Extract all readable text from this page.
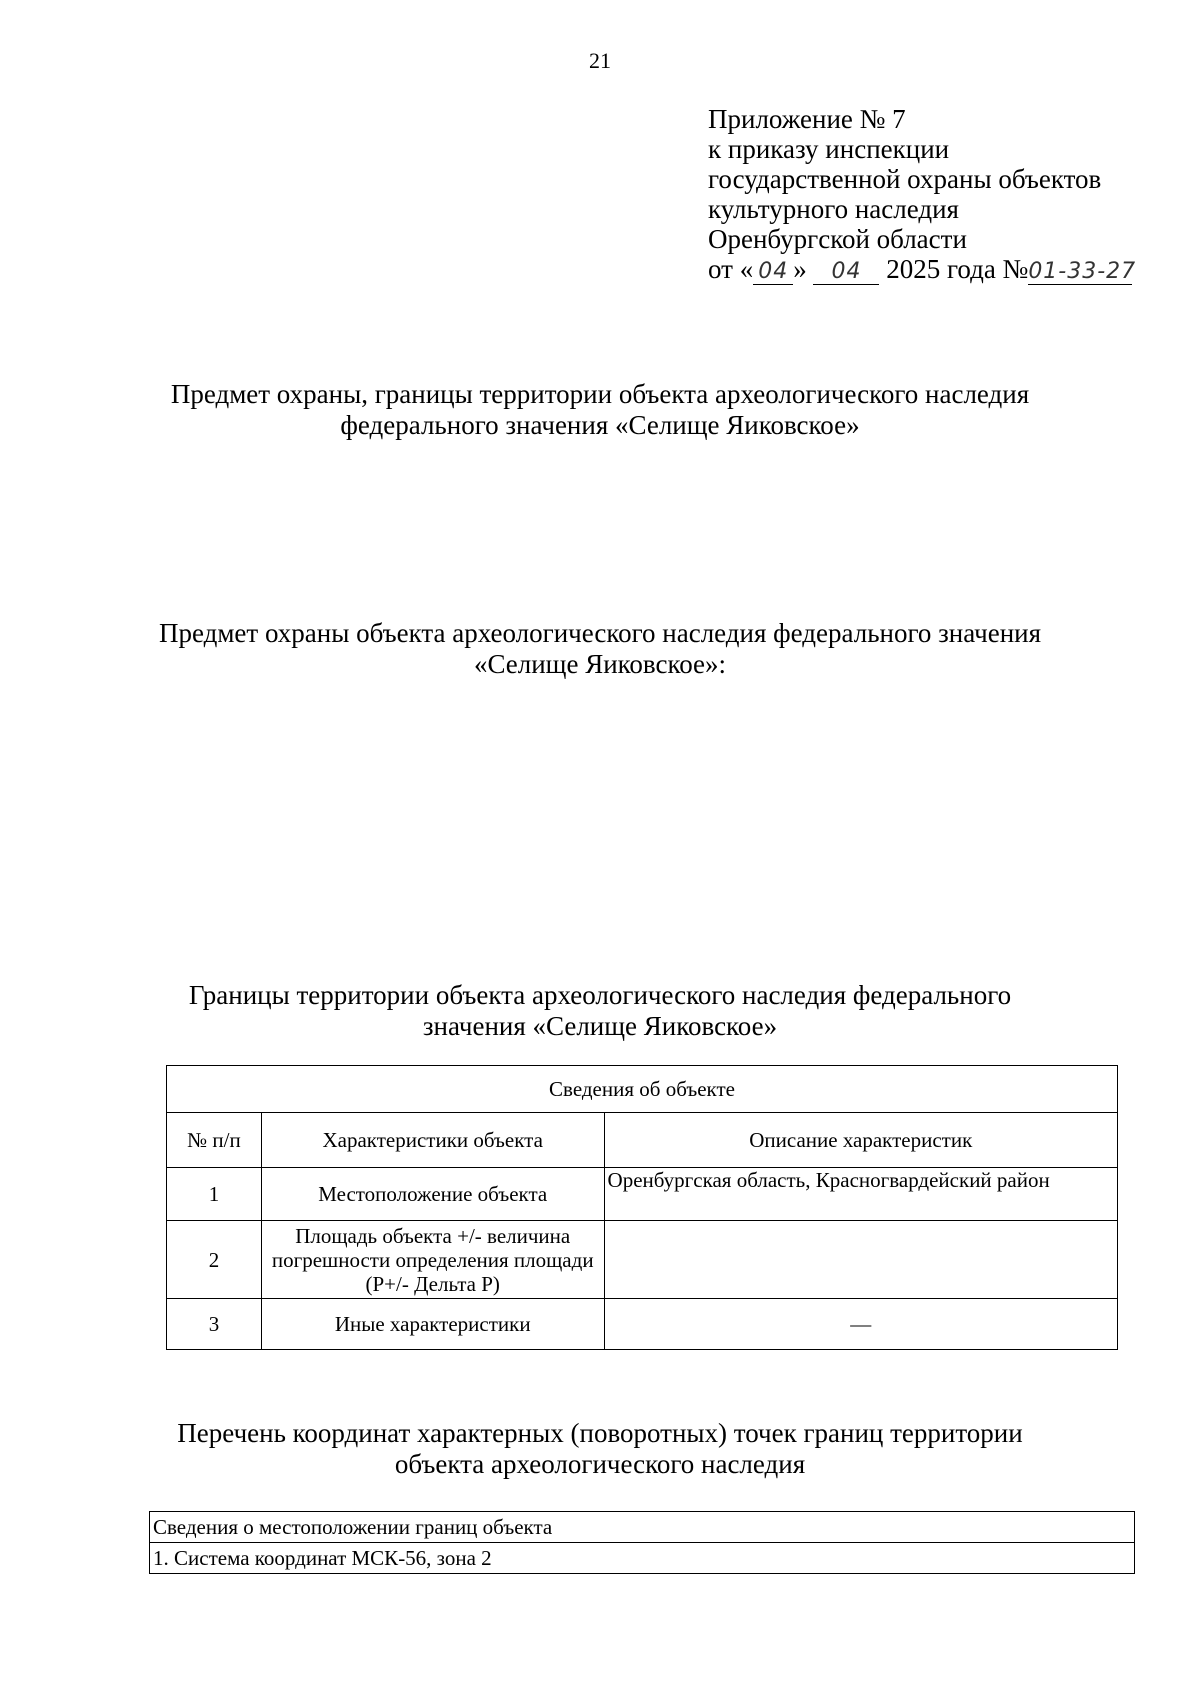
21
Приложение № 7
к приказу инспекции
государственной охраны объектов
культурного наследия
Оренбургской области
от « 04 » 04 2025 года №01-33-27
Предмет охраны, границы территории объекта археологического наследия
федерального значения «Селище Яиковское»
Предмет охраны объекта археологического наследия федерального значения
«Селище Яиковское»:
Границы территории объекта археологического наследия федерального
значения «Селище Яиковское»
Сведения об объекте		
№ п/п	Характеристики объекта	Описание характеристик
1	Местоположение объекта	Оренбургская область, Красногвардейский район
2	Площадь объекта +/- величина погрешности определения площади (P+/- Дельта P)	
3	Иные характеристики	—
Перечень координат характерных (поворотных) точек границ территории
объекта археологического наследия
Сведения о местоположении границ объекта
1. Система координат МСК-56, зона 2
